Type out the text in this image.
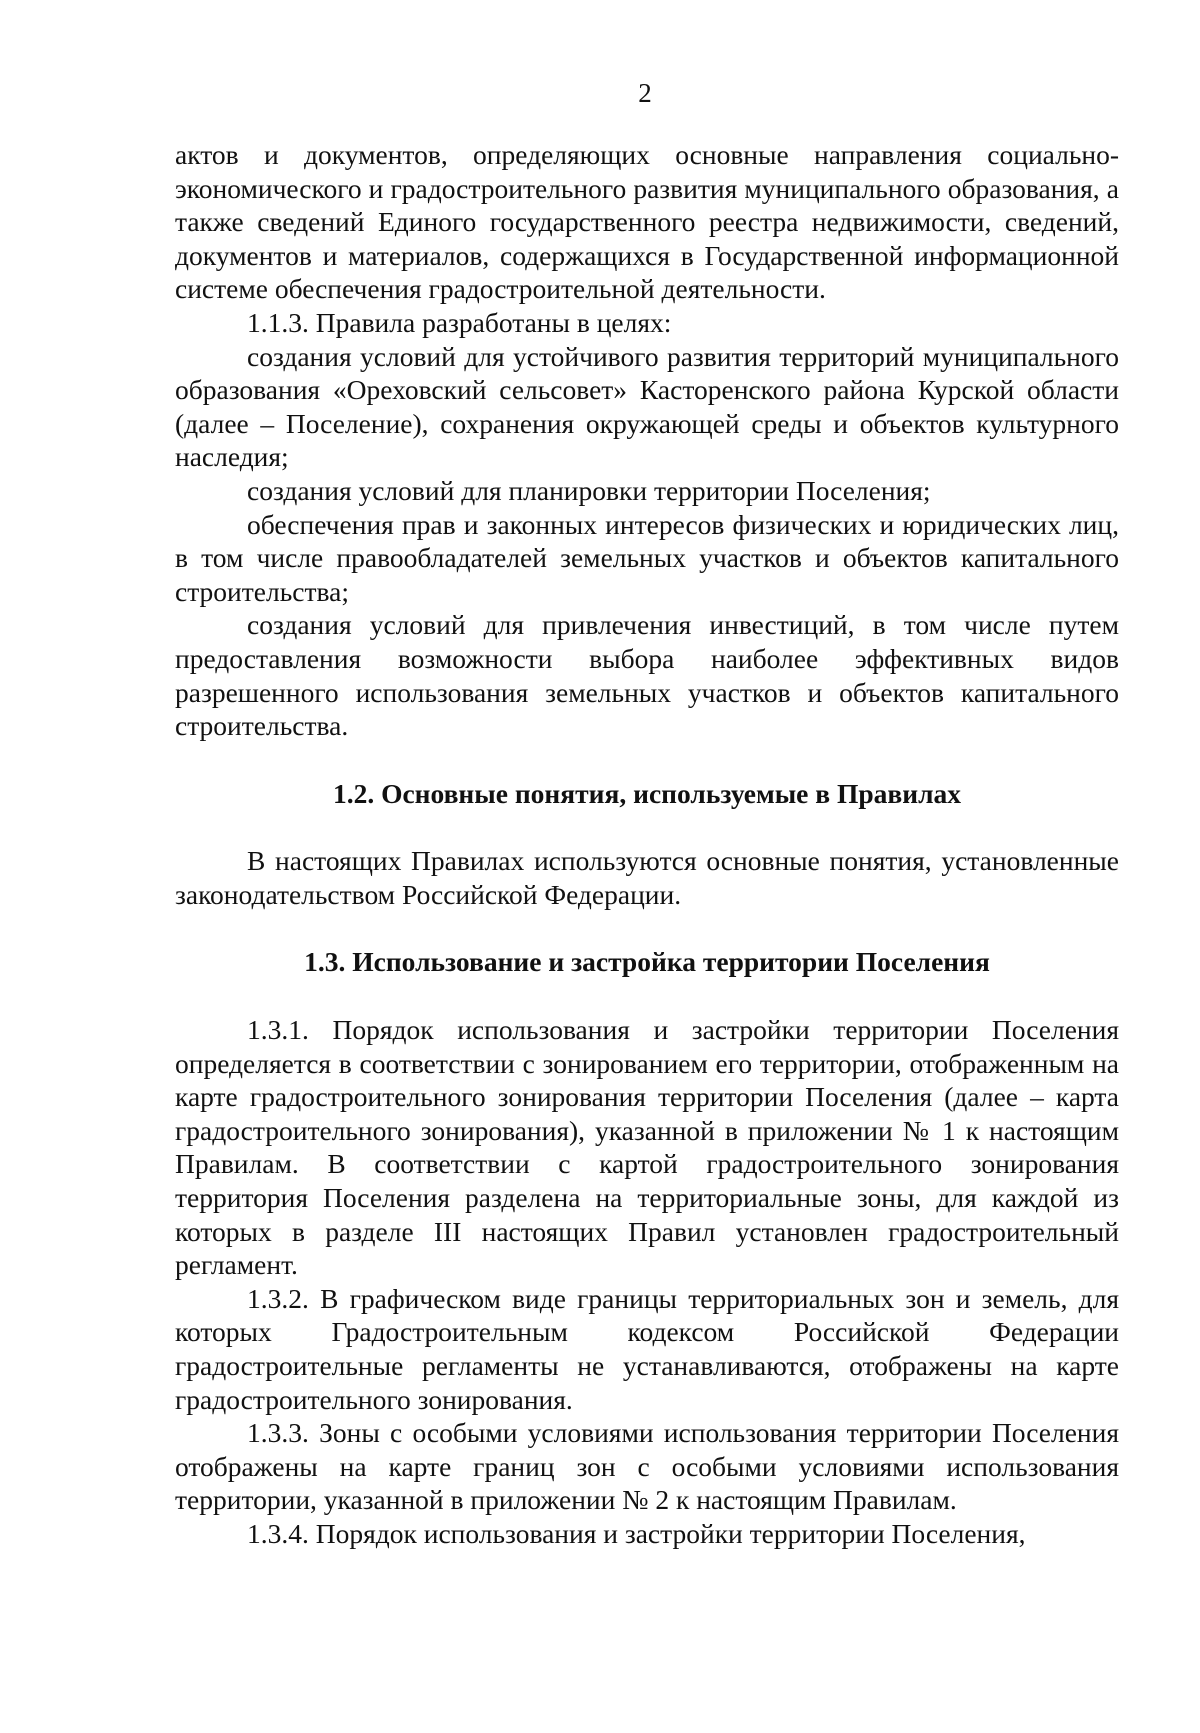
2

актов и документов, определяющих основные направления социально-экономического и градостроительного развития муниципального образования, а также сведений Единого государственного реестра недвижимости, сведений, документов и материалов, содержащихся в Государственной информационной системе обеспечения градостроительной деятельности.

1.1.3. Правила разработаны в целях:

создания условий для устойчивого развития территорий муниципального образования «Ореховский сельсовет» Касторенского района Курской области (далее – Поселение), сохранения окружающей среды и объектов культурного наследия;

создания условий для планировки территории Поселения;

обеспечения прав и законных интересов физических и юридических лиц, в том числе правообладателей земельных участков и объектов капитального строительства;

создания условий для привлечения инвестиций, в том числе путем предоставления возможности выбора наиболее эффективных видов разрешенного использования земельных участков и объектов капитального строительства.

1.2. Основные понятия, используемые в Правилах

В настоящих Правилах используются основные понятия, установленные законодательством Российской Федерации.

1.3. Использование и застройка территории Поселения

1.3.1. Порядок использования и застройки территории Поселения определяется в соответствии с зонированием его территории, отображенным на карте градостроительного зонирования территории Поселения (далее – карта градостроительного зонирования), указанной в приложении № 1 к настоящим Правилам. В соответствии с картой градостроительного зонирования территория Поселения разделена на территориальные зоны, для каждой из которых в разделе III настоящих Правил установлен градостроительный регламент.

1.3.2. В графическом виде границы территориальных зон и земель, для которых Градостроительным кодексом Российской Федерации градостроительные регламенты не устанавливаются, отображены на карте градостроительного зонирования.

1.3.3. Зоны с особыми условиями использования территории Поселения отображены на карте границ зон с особыми условиями использования территории, указанной в приложении № 2 к настоящим Правилам.

1.3.4. Порядок использования и застройки территории Поселения,
